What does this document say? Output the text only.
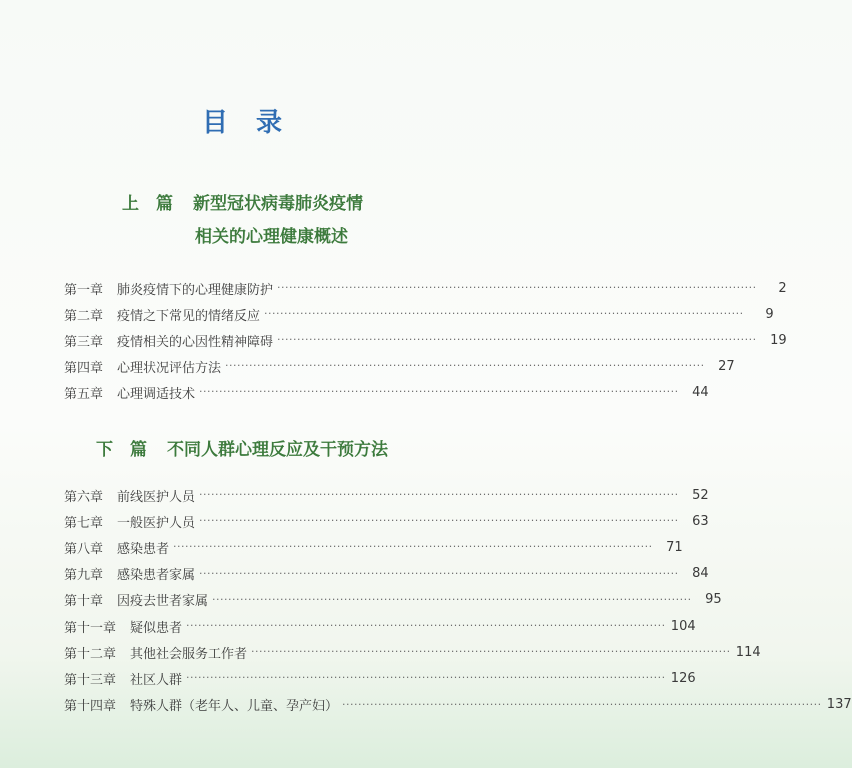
目 录
上　篇 新型冠状病毒肺炎疫情
相关的心理健康概述
第一章 肺炎疫情下的心理健康防护 ························································································································	2
第二章 疫情之下常见的情绪反应 ························································································································	9
第三章 疫情相关的心因性精神障碍 ························································································································	19
第四章 心理状况评估方法 ························································································································	27
第五章 心理调适技术 ························································································································	44
下　篇 不同人群心理反应及干预方法
第六章 前线医护人员 ························································································································	52
第七章 一般医护人员 ························································································································	63
第八章 感染患者 ························································································································	71
第九章 感染患者家属 ························································································································	84
第十章 因疫去世者家属 ························································································································	95
第十一章 疑似患者 ························································································································ 104
第十二章 其他社会服务工作者 ························································································································ 114
第十三章 社区人群 ························································································································ 126
第十四章 特殊人群（老年人、儿童、孕产妇） ························································································································ 137
